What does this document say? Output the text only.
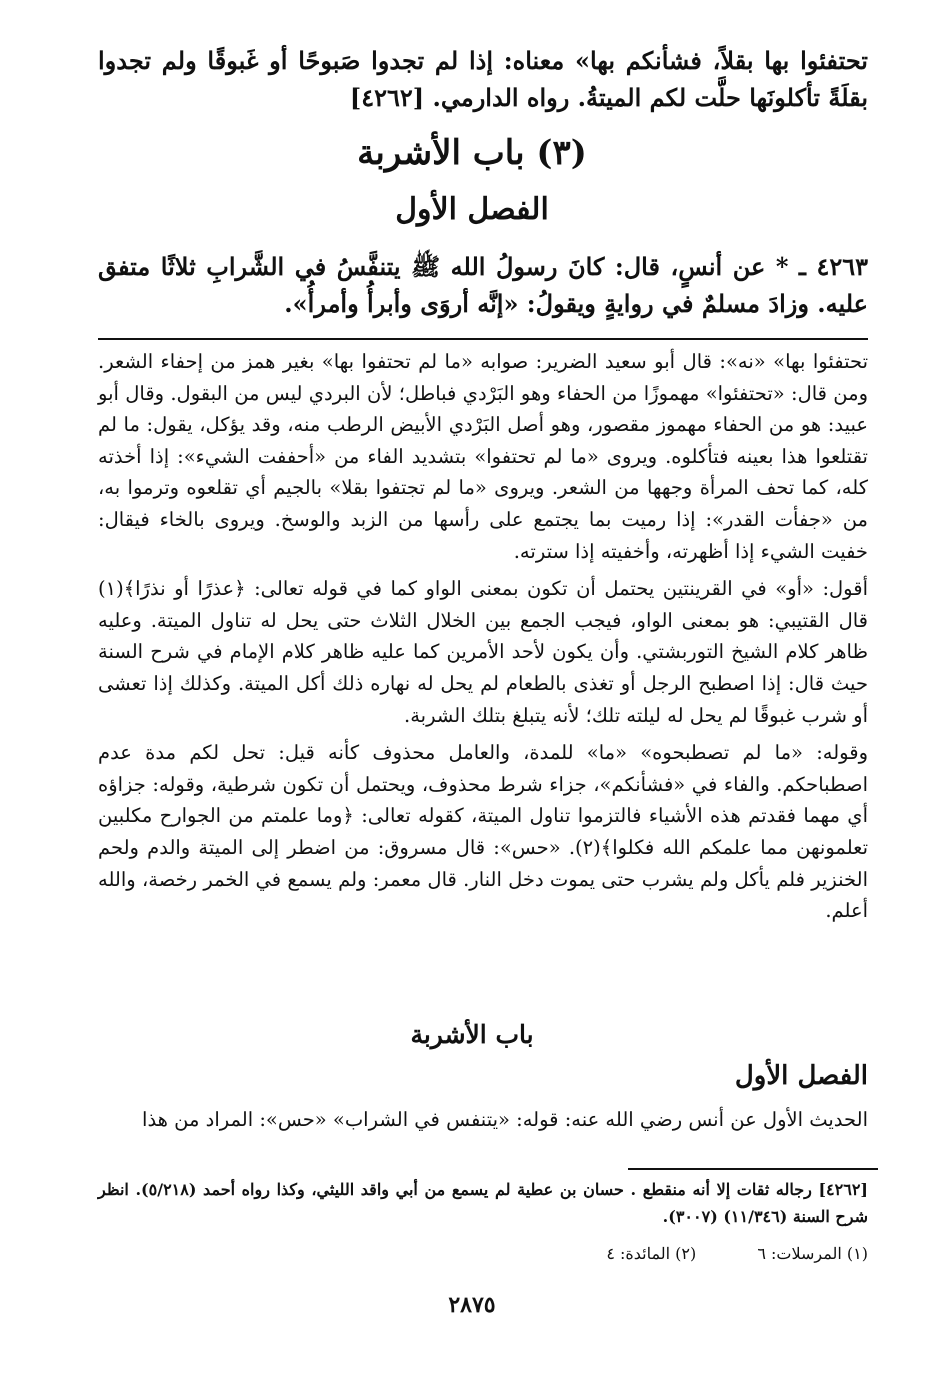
تحتفئوا بها بقلاً، فشأنكم بها» معناه: إذا لم تجدوا صَبوحًا أو غَبوقًا ولم تجدوا بقلَةً تأكلونَها حلَّت لكم الميتةُ. رواه الدارمي. [٤٢٦٢]
(٣) باب الأشربة
الفصل الأول
٤٢٦٣ ـ * عن أنسٍ، قال: كانَ رسولُ الله ﷺ يتنفَّسُ في الشَّرابِ ثلاثًا متفق عليه. وزادَ مسلمٌ في روايةٍ ويقولُ: «إنَّه أروَى وأبرأُ وأمرأُ».

تحتفئوا بها» «نه»: قال أبو سعيد الضرير: صوابه «ما لم تحتفوا بها» بغير همز من إحفاء الشعر. ومن قال: «تحتفئوا» مهموزًا من الحفاء وهو البَرْدي فباطل؛ لأن البردي ليس من البقول. وقال أبو عبيد: هو من الحفاء مهموز مقصور، وهو أصل البَرْدي الأبيض الرطب منه، وقد يؤكل، يقول: ما لم تقتلعوا هذا بعينه فتأكلوه. ويروى «ما لم تحتفوا» بتشديد الفاء من «أحففت الشيء»: إذا أخذته كله، كما تحف المرأة وجهها من الشعر. ويروى «ما لم تجتفوا بقلا» بالجيم أي تقلعوه وترموا به، من «جفأت القدر»: إذا رميت بما يجتمع على رأسها من الزبد والوسخ. ويروى بالخاء فيقال: خفيت الشيء إذا أظهرته، وأخفيته إذا سترته.

أقول: «أو» في القرينتين يحتمل أن تكون بمعنى الواو كما في قوله تعالى: ﴿عذرًا أو نذرًا﴾(١) قال القتيبي: هو بمعنى الواو، فيجب الجمع بين الخلال الثلاث حتى يحل له تناول الميتة. وعليه ظاهر كلام الشيخ التوربشتي. وأن يكون لأحد الأمرين كما عليه ظاهر كلام الإمام في شرح السنة حيث قال: إذا اصطبح الرجل أو تغذى بالطعام لم يحل له نهاره ذلك أكل الميتة. وكذلك إذا تعشى أو شرب غبوقًا لم يحل له ليلته تلك؛ لأنه يتبلغ بتلك الشربة.

وقوله: «ما لم تصطبحوه» «ما» للمدة، والعامل محذوف كأنه قيل: تحل لكم مدة عدم اصطباحكم. والفاء في «فشأنكم»، جزاء شرط محذوف، ويحتمل أن تكون شرطية، وقوله: جزاؤه أي مهما فقدتم هذه الأشياء فالتزموا تناول الميتة، كقوله تعالى: ﴿وما علمتم من الجوارح مكلبين تعلمونهن مما علمكم الله فكلوا﴾(٢). «حس»: قال مسروق: من اضطر إلى الميتة والدم ولحم الخنزير فلم يأكل ولم يشرب حتى يموت دخل النار. قال معمر: ولم يسمع في الخمر رخصة، والله أعلم.

باب الأشربة
الفصل الأول
الحديث الأول عن أنس رضي الله عنه: قوله: «يتنفس في الشراب» «حس»: المراد من هذا
[٤٢٦٢] رجاله ثقات إلا أنه منقطع . حسان بن عطية لم يسمع من أبي واقد الليثي، وكذا رواه أحمد (٥/٢١٨). انظر شرح السنة (١١/٣٤٦) (٣٠٠٧).
(١) المرسلات: ٦ (٢) المائدة: ٤
٢٨٧٥
